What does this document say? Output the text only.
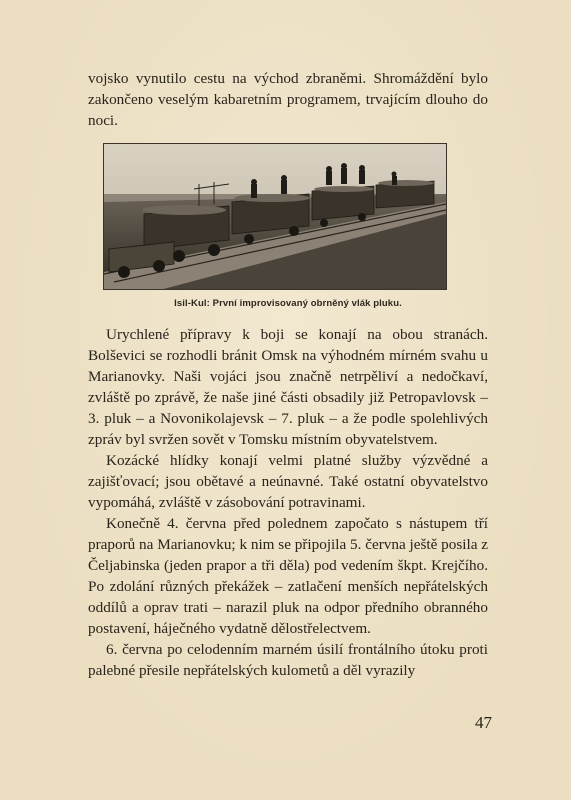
vojsko vynutilo cestu na východ zbraněmi. Shromáždění bylo zakončeno veselým kabaretním programem, trvajícím dlouho do noci.

Isil-Kul: První improvisovaný obrněný vlák pluku.

Urychlené přípravy k boji se konají na obou stranách. Bolševici se rozhodli bránit Omsk na výhodném mírném svahu u Marianovky. Naši vojáci jsou značně netrpěliví a nedočkaví, zvláště po zprávě, že naše jiné části obsadily již Petropavlovsk – 3. pluk – a Novonikolajevsk – 7. pluk – a že podle spolehlivých zpráv byl svržen sovět v Tomsku místním obyvatelstvem.

Kozácké hlídky konají velmi platné služby výzvědné a zajišťovací; jsou obětavé a neúnavné. Také ostatní obyvatelstvo vypomáhá, zvláště v zásobování potravinami.

Konečně 4. června před polednem započato s nástupem tří praporů na Marianovku; k nim se připojila 5. června ještě posila z Čeljabinska (jeden prapor a tři děla) pod vedením škpt. Krejčího. Po zdolání různých překážek – zatlačení menších nepřátelských oddílů a oprav trati – narazil pluk na odpor předního obranného postavení, háječného vydatně dělostřelectvem.

6. června po celodenním marném úsilí frontálního útoku proti palebné přesile nepřátelských kulometů a děl vyrazily

47
